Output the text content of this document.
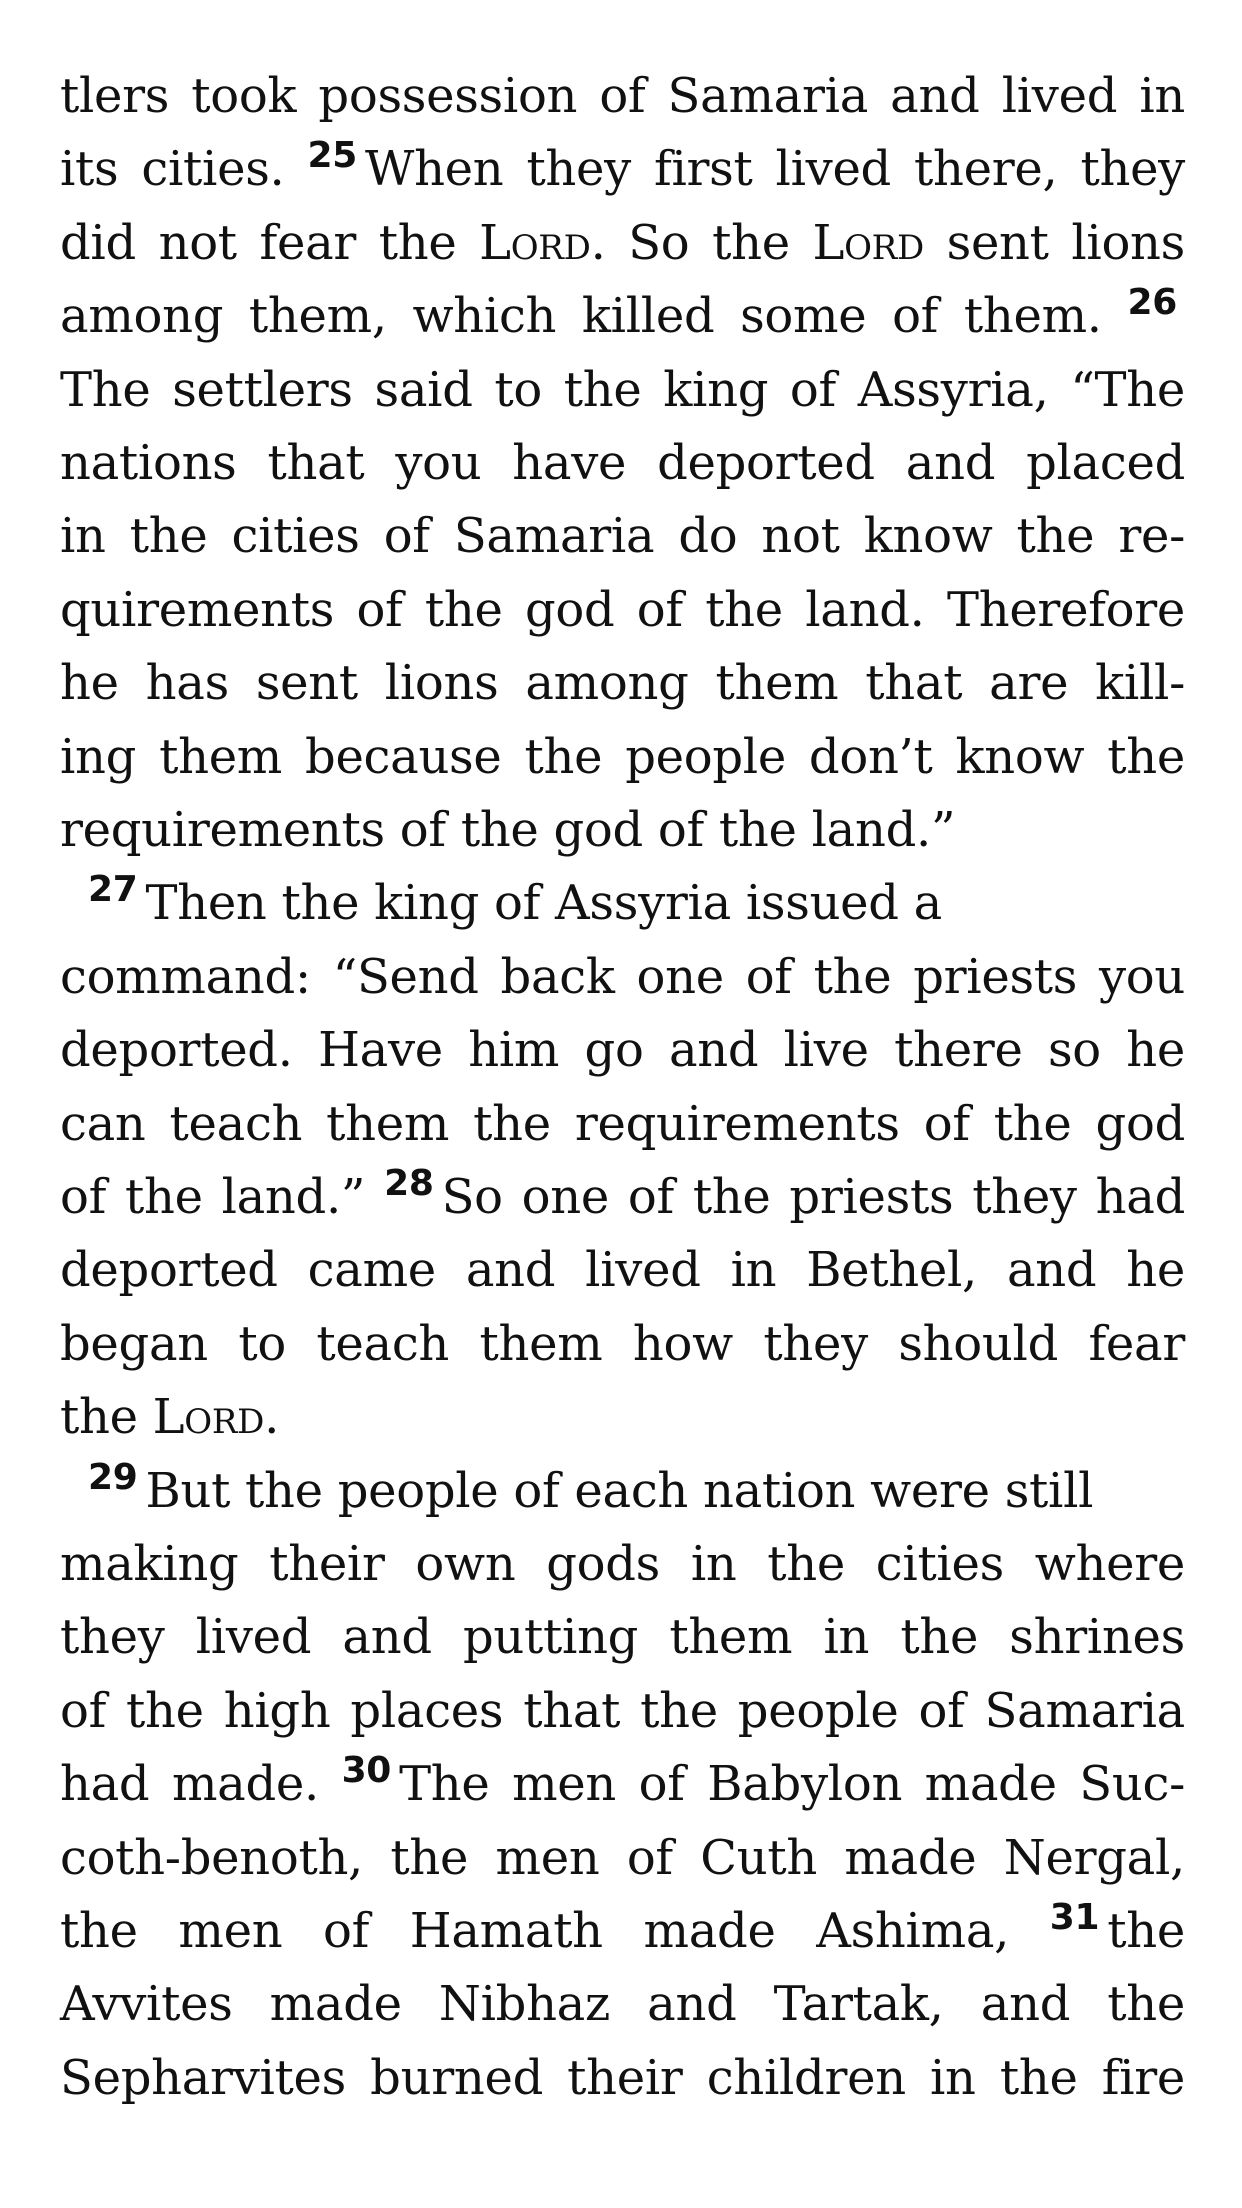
tlers took possession of Samaria and lived in
its cities. $^{25}$ When they first lived there, they
did not fear the Lord. So the Lord sent lions
among them, which killed some of them. $^{26}$
The settlers said to the king of Assyria, “The
nations that you have deported and placed
in the cities of Samaria do not know the re-
quirements of the god of the land. Therefore
he has sent lions among them that are kill-
ing them because the people don’t know the
requirements of the god of the land.”
$^{27}$ Then the king of Assyria issued a
command: “Send back one of the priests you
deported. Have him go and live there so he
can teach them the requirements of the god
of the land.” $^{28}$ So one of the priests they had
deported came and lived in Bethel, and he
began to teach them how they should fear
the Lord.
$^{29}$ But the people of each nation were still
making their own gods in the cities where
they lived and putting them in the shrines
of the high places that the people of Samaria
had made. $^{30}$ The men of Babylon made Suc-
coth-benoth, the men of Cuth made Nergal,
the men of Hamath made Ashima, $^{31}$ the
Avvites made Nibhaz and Tartak, and the
Sepharvites burned their children in the fire
